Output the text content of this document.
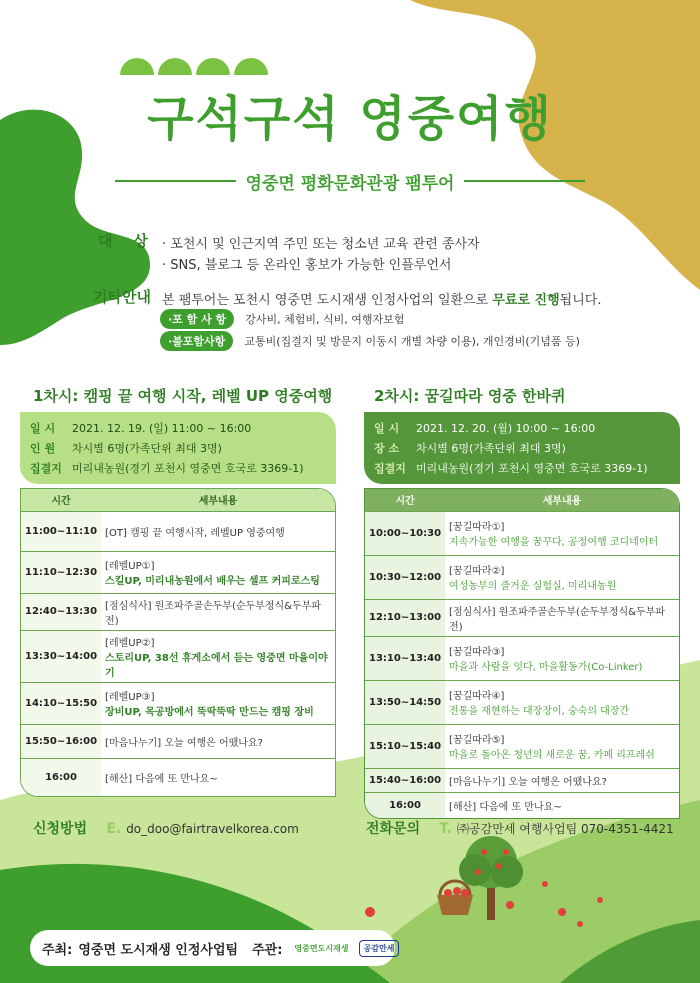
구석구석 영중여행
영중면 평화문화관광 팸투어
대    상 · 포천시 및 인근지역 주민 또는 청소년 교육 관련 종사자
· SNS, 블로그 등 온라인 홍보가 가능한 인플루언서
기타안내 본 팸투어는 포천시 영중면 도시재생 인정사업의 일환으로 무료로 진행됩니다.
·포 함 사 항 강사비, 체험비, 식비, 여행자보험
·불포함사항 교통비(집결지 및 방문지 이동시 개별 차량 이용), 개인경비(기념품 등)
1차시: 캠핑 끝 여행 시작, 레벨 UP 영중여행
일 시 2021. 12. 19. (일) 11:00 ~ 16:00
인 원 차시별 6명(가족단위 최대 3명)
집결지 미리내농원(경기 포천시 영중면 호국로 3369-1)
시간	세부내용
11:00~11:10	[OT] 캠핑 끝 여행시작, 레벨UP 영중여행

11:10~12:30	[레벨UP①]
스킬UP, 미리내농원에서 배우는 셀프 커피로스팅

12:40~13:30	[점심식사] 원조파주골손두부(순두부정식&두부파전)

13:30~14:00	[레벨UP②]
스토리UP, 38선 휴게소에서 듣는 영중면 마을이야기

14:10~15:50	[레벨UP③]
장비UP, 목공방에서 뚝딱뚝딱 만드는 캠핑 장비

15:50~16:00	[마음나누기] 오늘 여행은 어땠나요?

16:00	[해산] 다음에 또 만나요~
2차시: 꿈길따라 영중 한바퀴
일 시 2021. 12. 20. (월) 10:00 ~ 16:00
장 소 차시별 6명(가족단위 최대 3명)
집결지 미리내농원(경기 포천시 영중면 호국로 3369-1)
시간	세부내용
10:00~10:30	[꿈길따라①]
지속가능한 여행을 꿈꾸다, 공정여행 코디네이터

10:30~12:00	[꿈길따라②]
여성농부의 즐거운 실험실, 미리내농원

12:10~13:00	[점심식사] 원조파주골손두부(순두부정식&두부파전)

13:10~13:40	[꿈길따라③]
마을과 사람을 잇다, 마을활동가(Co-Linker)

13:50~14:50	[꿈길따라④]
전통을 재현하는 대장장이, 숭숙의 대장간

15:10~15:40	[꿈길따라⑤]
마을로 돌아온 청년의 새로운 꿈, 카페 리프레쉬

15:40~16:00	[마음나누기] 오늘 여행은 어땠나요?

16:00	[해산] 다음에 또 만나요~
신청방법 E. do_doo@fairtravelkorea.com	전화문의 T. ㈜공감만세 여행사업팀 070-4351-4421
주최: 영중면 도시재생 인정사업팀 주관:	영중면도시재생	공감만세
